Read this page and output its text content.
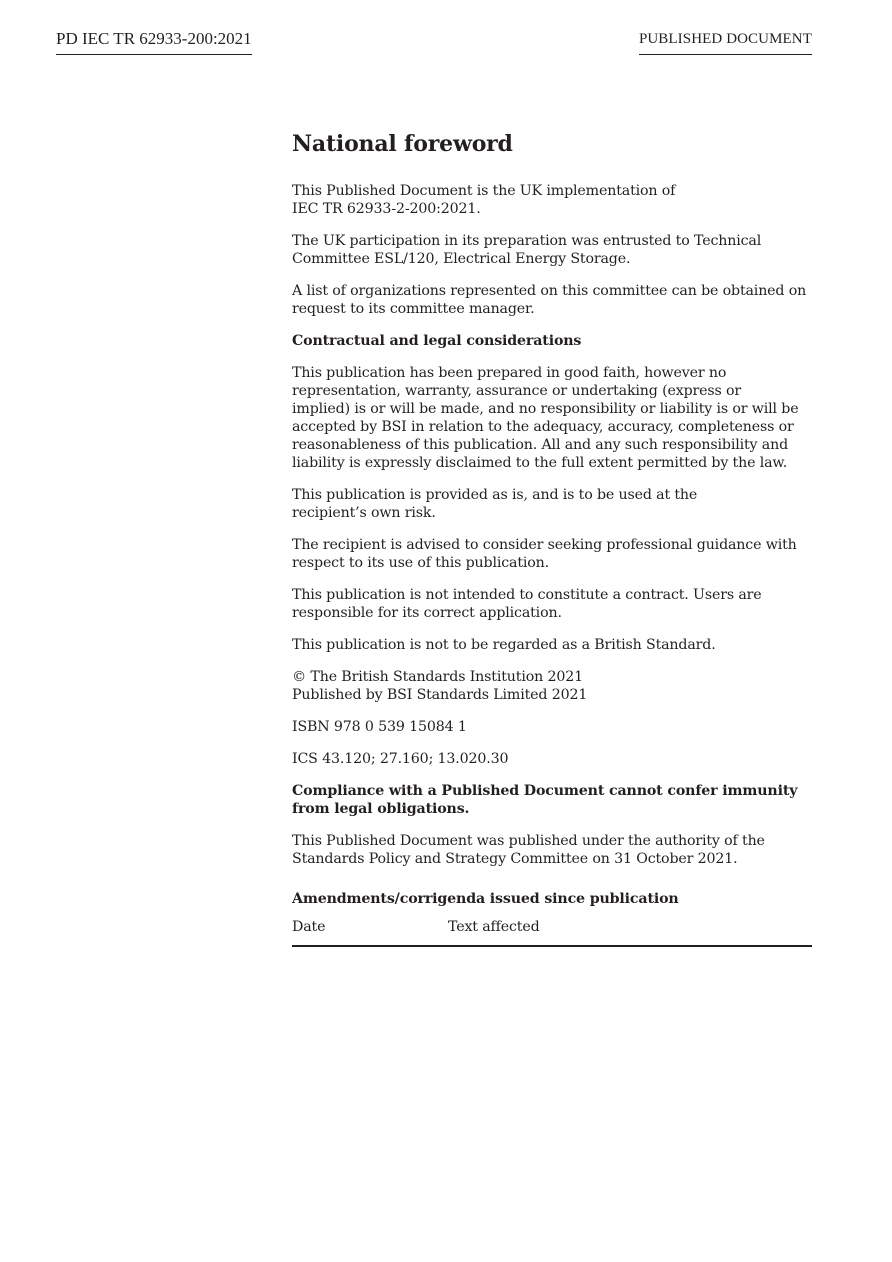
PD IEC TR 62933-200:2021	PUBLISHED DOCUMENT
National foreword
This Published Document is the UK implementation of
IEC TR 62933-2-200:2021.
The UK participation in its preparation was entrusted to Technical
Committee ESL/120, Electrical Energy Storage.
A list of organizations represented on this committee can be obtained on
request to its committee manager.
Contractual and legal considerations
This publication has been prepared in good faith, however no
representation, warranty, assurance or undertaking (express or
implied) is or will be made, and no responsibility or liability is or will be
accepted by BSI in relation to the adequacy, accuracy, completeness or
reasonableness of this publication. All and any such responsibility and
liability is expressly disclaimed to the full extent permitted by the law.
This publication is provided as is, and is to be used at the
recipient’s own risk.
The recipient is advised to consider seeking professional guidance with
respect to its use of this publication.
This publication is not intended to constitute a contract. Users are
responsible for its correct application.
This publication is not to be regarded as a British Standard.
© The British Standards Institution 2021
Published by BSI Standards Limited 2021
ISBN 978 0 539 15084 1
ICS 43.120; 27.160; 13.020.30
Compliance with a Published Document cannot confer immunity
from legal obligations.
This Published Document was published under the authority of the
Standards Policy and Strategy Committee on 31 October 2021.
Amendments/corrigenda issued since publication
Date	Text affected
